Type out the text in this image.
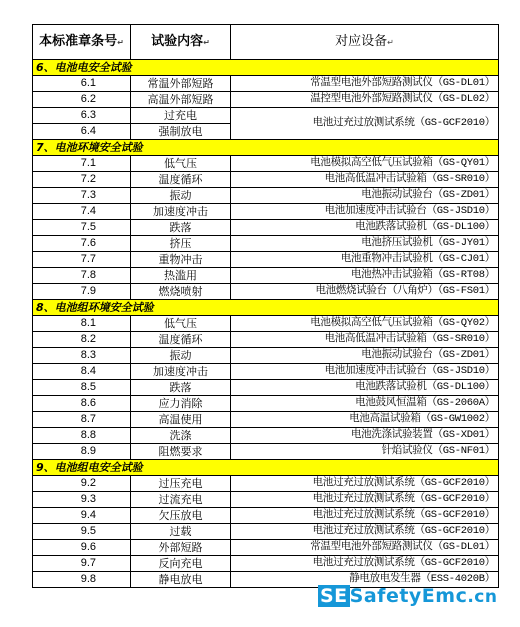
本标准章条号↵	试验内容↵	对应设备↵
6、电池电安全试验		
6.1	常温外部短路	常温型电池外部短路测试仪（GS-DL01）
6.2	高温外部短路	温控型电池外部短路测试仪（GS-DL02）
6.3	过充电	电池过充过放测试系统（GS-GCF2010）
6.4	强制放电	
7、电池环境安全试验		
7.1	低气压	电池模拟高空低气压试验箱（GS-QY01）
7.2	温度循环	电池高低温冲击试验箱（GS-SR010）
7.3	振动	电池振动试验台（GS-ZD01）
7.4	加速度冲击	电池加速度冲击试验台（GS-JSD10）
7.5	跌落	电池跌落试验机（GS-DL100）
7.6	挤压	电池挤压试验机（GS-JY01）
7.7	重物冲击	电池重物冲击试验机（GS-CJ01）
7.8	热滥用	电池热冲击试验箱（GS-RT08）
7.9	燃烧喷射	电池燃烧试验台（八角炉）（GS-FS01）
8、电池组环境安全试验		
8.1	低气压	电池模拟高空低气压试验箱（GS-QY02）
8.2	温度循环	电池高低温冲击试验箱（GS-SR010）
8.3	振动	电池振动试验台（GS-ZD01）
8.4	加速度冲击	电池加速度冲击试验台（GS-JSD10）
8.5	跌落	电池跌落试验机（GS-DL100）
8.6	应力消除	电池鼓风恒温箱（GS-2060A）
8.7	高温使用	电池高温试验箱（GS-GW1002）
8.8	洗涤	电池洗涤试验装置（GS-XD01）
8.9	阻燃要求	针焰试验仪（GS-NF01）
9、电池组电安全试验		
9.2	过压充电	电池过充过放测试系统（GS-GCF2010）
9.3	过流充电	电池过充过放测试系统（GS-GCF2010）
9.4	欠压放电	电池过充过放测试系统（GS-GCF2010）
9.5	过载	电池过充过放测试系统（GS-GCF2010）
9.6	外部短路	常温型电池外部短路测试仪（GS-DL01）
9.7	反向充电	电池过充过放测试系统（GS-GCF2010）
9.8	静电放电	静电放电发生器（ESS-4020B）
SE SafetyEmc.cn
